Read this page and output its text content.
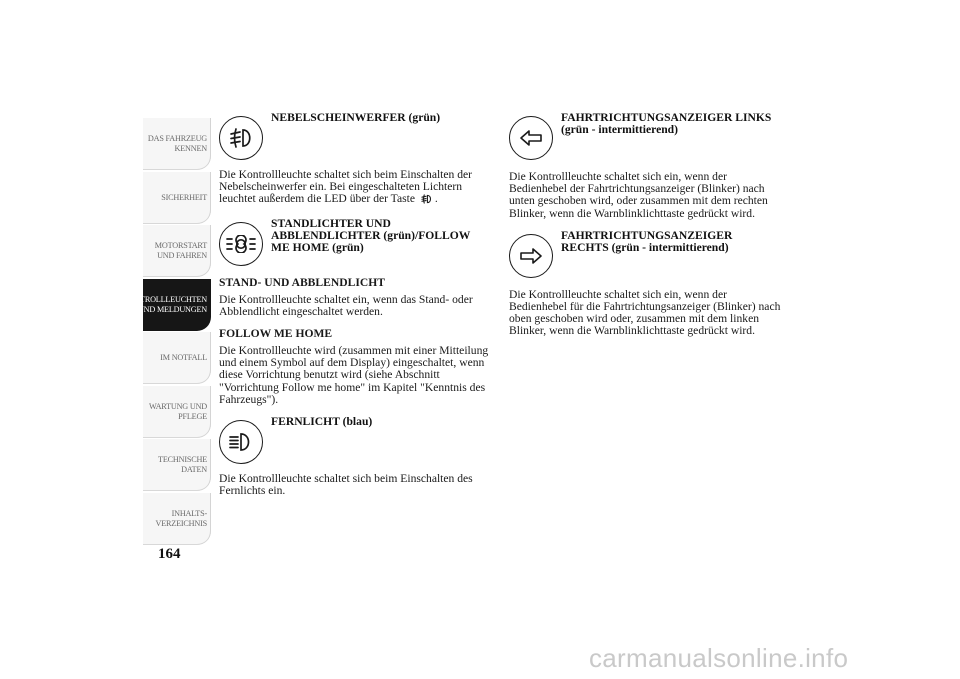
DAS FAHRZEUG KENNEN
SICHERHEIT
MOTORSTART UND FAHREN
KONTROLLLEUCHTEN UND MELDUNGEN
IM NOTFALL
WARTUNG UND PFLEGE
TECHNISCHE DATEN
INHALTS- VERZEICHNIS
164
NEBELSCHEINWERFER (grün)

Die Kontrollleuchte schaltet sich beim Einschalten der Nebelscheinwerfer ein. Bei eingeschalteten Lichtern leuchtet außerdem die LED über der Taste .

STANDLICHTER UND ABBLENDLICHTER (grün)/FOLLOW ME HOME (grün)
STAND- UND ABBLENDLICHT

Die Kontrollleuchte schaltet ein, wenn das Stand- oder Abblendlicht eingeschaltet werden.

FOLLOW ME HOME

Die Kontrollleuchte wird (zusammen mit einer Mitteilung und einem Symbol auf dem Display) eingeschaltet, wenn diese Vorrichtung benutzt wird (siehe Abschnitt "Vorrichtung Follow me home" im Kapitel "Kenntnis des Fahrzeugs").

FERNLICHT (blau)

Die Kontrollleuchte schaltet sich beim Einschalten des Fernlichts ein.

FAHRTRICHTUNGSANZEIGER LINKS (grün - intermittierend)

Die Kontrollleuchte schaltet sich ein, wenn der Bedienhebel der Fahrtrichtungsanzeiger (Blinker) nach unten geschoben wird, oder zusammen mit dem rechten Blinker, wenn die Warnblinklichttaste gedrückt wird.

FAHRTRICHTUNGSANZEIGER RECHTS (grün - intermittierend)

Die Kontrollleuchte schaltet sich ein, wenn der Bedienhebel für die Fahrtrichtungsanzeiger (Blinker) nach oben geschoben wird oder, zusammen mit dem linken Blinker, wenn die Warnblinklichttaste gedrückt wird.

carmanualsonline.info
